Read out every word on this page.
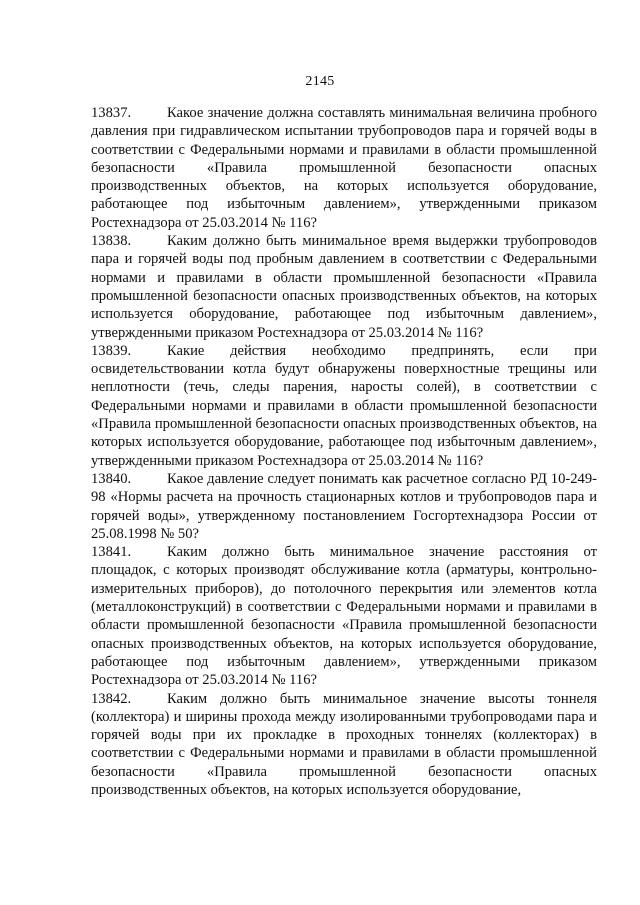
2145

13837. Какое значение должна составлять минимальная величина пробного давления при гидравлическом испытании трубопроводов пара и горячей воды в соответствии с Федеральными нормами и правилами в области промышленной безопасности «Правила промышленной безопасности опасных производственных объектов, на которых используется оборудование, работающее под избыточным давлением», утвержденными приказом Ростехнадзора от 25.03.2014 № 116?

13838. Каким должно быть минимальное время выдержки трубопроводов пара и горячей воды под пробным давлением в соответствии с Федеральными нормами и правилами в области промышленной безопасности «Правила промышленной безопасности опасных производственных объектов, на которых используется оборудование, работающее под избыточным давлением», утвержденными приказом Ростехнадзора от 25.03.2014 № 116?

13839. Какие действия необходимо предпринять, если при освидетельствовании котла будут обнаружены поверхностные трещины или неплотности (течь, следы парения, наросты солей), в соответствии с Федеральными нормами и правилами в области промышленной безопасности «Правила промышленной безопасности опасных производственных объектов, на которых используется оборудование, работающее под избыточным давлением», утвержденными приказом Ростехнадзора от 25.03.2014 № 116?

13840. Какое давление следует понимать как расчетное согласно РД 10-249-98 «Нормы расчета на прочность стационарных котлов и трубопроводов пара и горячей воды», утвержденному постановлением Госгортехнадзора России от 25.08.1998 № 50?

13841. Каким должно быть минимальное значение расстояния от площадок, с которых производят обслуживание котла (арматуры, контрольно-измерительных приборов), до потолочного перекрытия или элементов котла (металлоконструкций) в соответствии с Федеральными нормами и правилами в области промышленной безопасности «Правила промышленной безопасности опасных производственных объектов, на которых используется оборудование, работающее под избыточным давлением», утвержденными приказом Ростехнадзора от 25.03.2014 № 116?

13842. Каким должно быть минимальное значение высоты тоннеля (коллектора) и ширины прохода между изолированными трубопроводами пара и горячей воды при их прокладке в проходных тоннелях (коллекторах) в соответствии с Федеральными нормами и правилами в области промышленной безопасности «Правила промышленной безопасности опасных производственных объектов, на которых используется оборудование,
